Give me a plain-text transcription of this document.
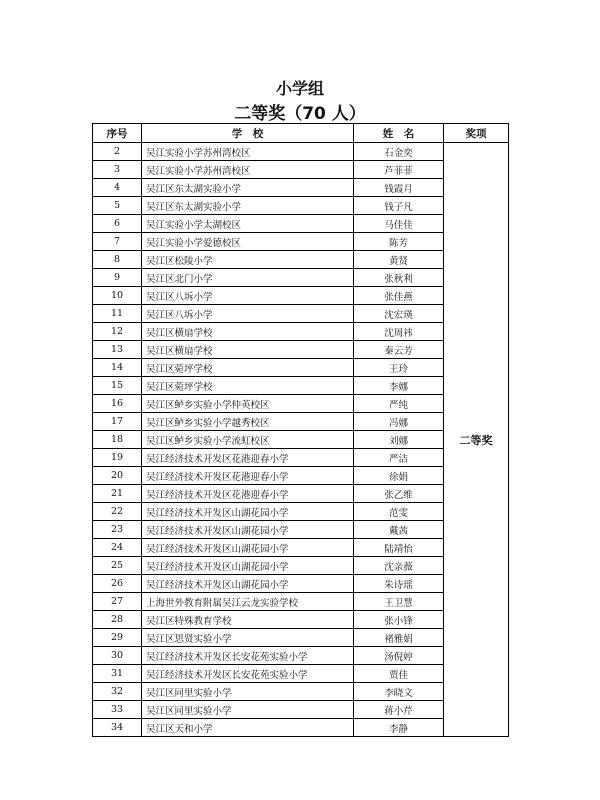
小学组
二等奖（70 人）
序号	学　校	姓　名	奖项
2	吴江实验小学苏州湾校区	石金奕	二等奖
3	吴江实验小学苏州湾校区	芦菲菲	
4	吴江区东太湖实验小学	钱霞月	
5	吴江区东太湖实验小学	钱子凡	
6	吴江实验小学太湖校区	马佳佳	
7	吴江实验小学爱德校区	陈芳	
8	吴江区松陵小学	黄贤	
9	吴江区北门小学	张秋利	
10	吴江区八坼小学	张佳燕	
11	吴江区八坼小学	沈宏瑛	
12	吴江区横扇学校	沈周祎	
13	吴江区横扇学校	秦云芳	
14	吴江区菀坪学校	王玲	
15	吴江区菀坪学校	李娜	
16	吴江区鲈乡实验小学仲英校区	严纯	
17	吴江区鲈乡实验小学越秀校区	冯娜	
18	吴江区鲈乡实验小学流虹校区	刘娜	
19	吴江经济技术开发区花港迎春小学	严洁	
20	吴江经济技术开发区花港迎春小学	徐娟	
21	吴江经济技术开发区花港迎春小学	张乙维	
22	吴江经济技术开发区山湖花园小学	范雯	
23	吴江经济技术开发区山湖花园小学	戴茜	
24	吴江经济技术开发区山湖花园小学	陆靖怡	
25	吴江经济技术开发区山湖花园小学	沈亲薇	
26	吴江经济技术开发区山湖花园小学	朱诗瑶	
27	上海世外教育附属吴江云龙实验学校	王卫慧	
28	吴江区特殊教育学校	张小锋	
29	吴江区思贤实验小学	褚雅娟	
30	吴江经济技术开发区长安花苑实验小学	汤倪婷	
31	吴江经济技术开发区长安花苑实验小学	贾佳	
32	吴江区同里实验小学	李晓文	
33	吴江区同里实验小学	蒋小芹	
34	吴江区天和小学	李静	
